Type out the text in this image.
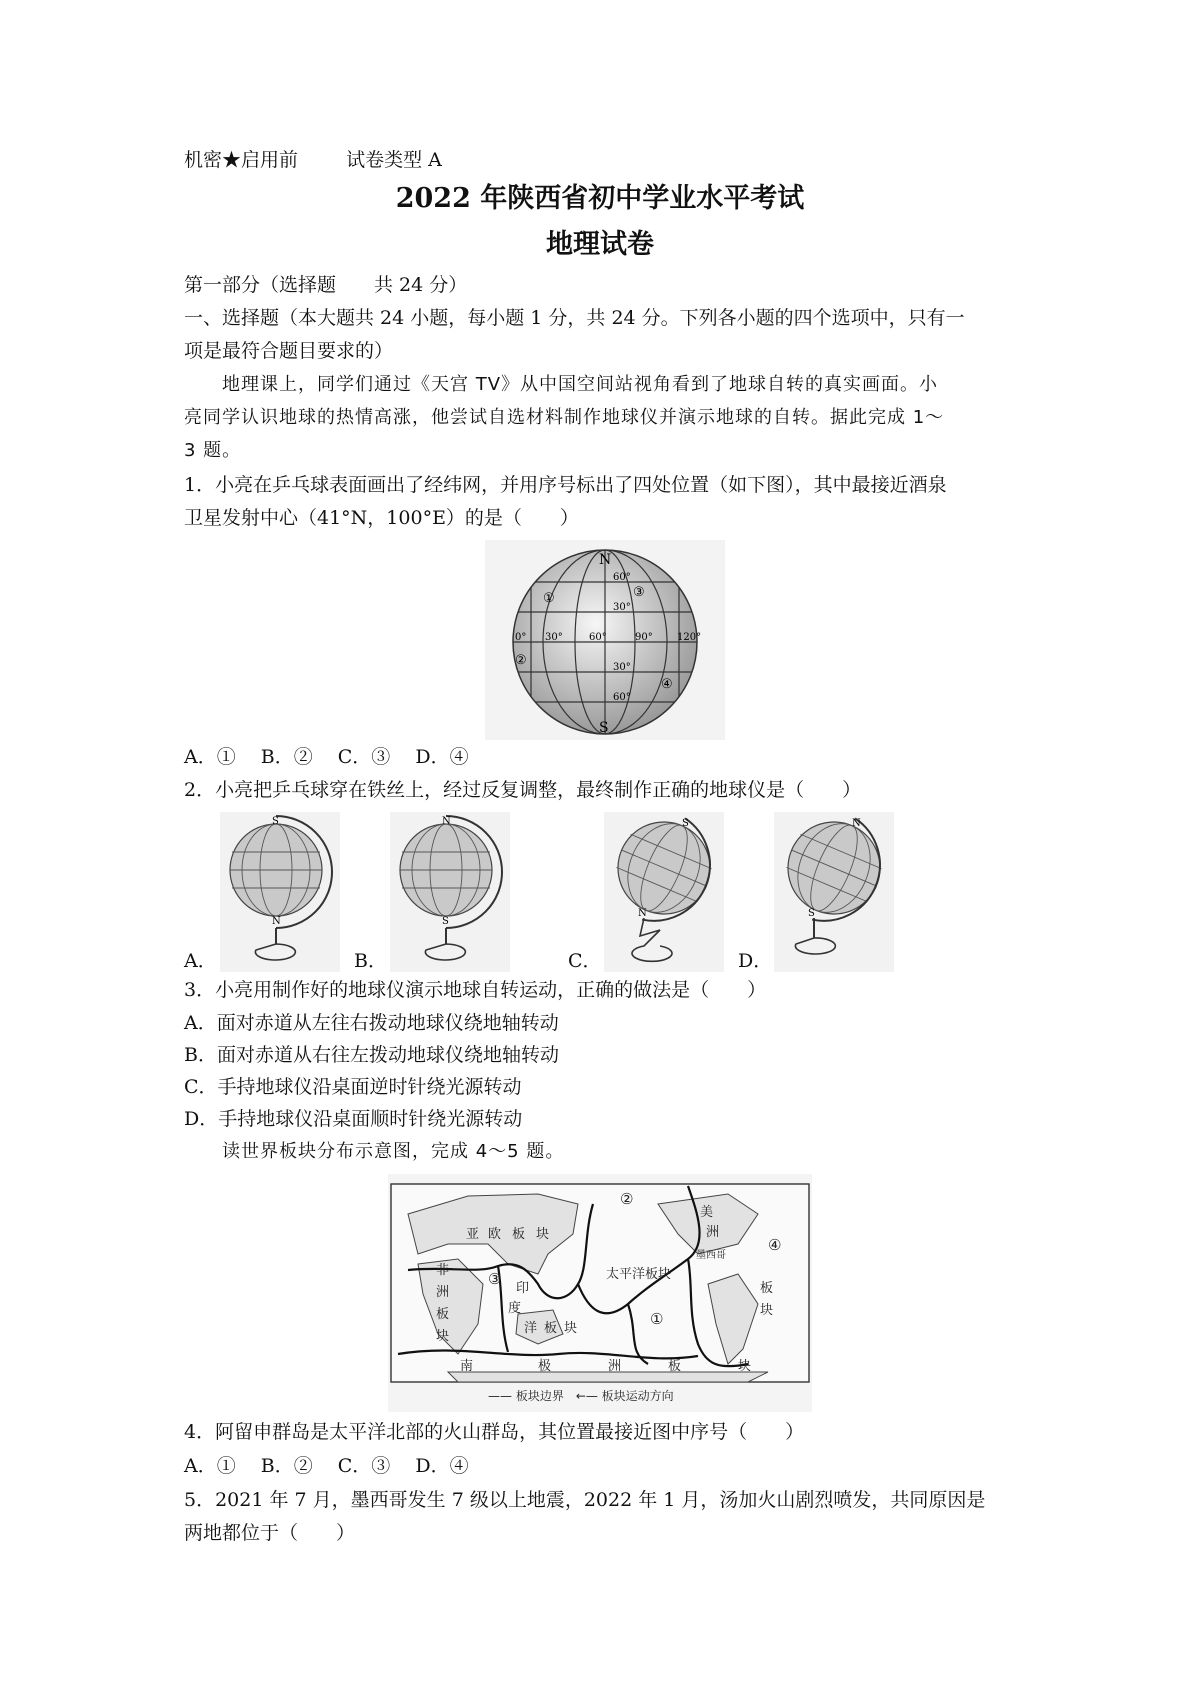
机密★启用前	试卷类型 A
2022 年陕西省初中学业水平考试
地理试卷
第一部分（选择题　　共 24 分）
一、选择题（本大题共 24 小题，每小题 1 分，共 24 分。下列各小题的四个选项中，只有一
项是最符合题目要求的）
地理课上，同学们通过《天宫 TV》从中国空间站视角看到了地球自转的真实画面。小
亮同学认识地球的热情高涨，他尝试自选材料制作地球仪并演示地球的自转。据此完成 1～
3 题。
1．小亮在乒乓球表面画出了经纬网，并用序号标出了四处位置（如下图），其中最接近酒泉
卫星发射中心（41°N，100°E）的是（　　）
N
S
60°
30°
30°
60°
0° 30°	60°	90° 120°
①
②
③
④
A．①　 B．②　 C．③　 D．④
2．小亮把乒乓球穿在铁丝上，经过反复调整，最终制作正确的地球仪是（　　）
A．	B．	C．	D．
S
N
N
S
S
N
N
S
3．小亮用制作好的地球仪演示地球自转运动，正确的做法是（　　）
A．面对赤道从左往右拨动地球仪绕地轴转动
B．面对赤道从右往左拨动地球仪绕地轴转动
C．手持地球仪沿桌面逆时针绕光源转动
D．手持地球仪沿桌面顺时针绕光源转动
读世界板块分布示意图，完成 4～5 题。
亚 欧 板 块
非
洲
板
块
印
度
洋 板 块
太平洋板块
美
洲
板
块
南	极	洲	板	块
墨西哥
①
②
③
④
—— 板块边界　←— 板块运动方向
4．阿留申群岛是太平洋北部的火山群岛，其位置最接近图中序号（　　）
A．①　 B．②　 C．③　 D．④
5．2021 年 7 月，墨西哥发生 7 级以上地震，2022 年 1 月，汤加火山剧烈喷发，共同原因是
两地都位于（　　）
